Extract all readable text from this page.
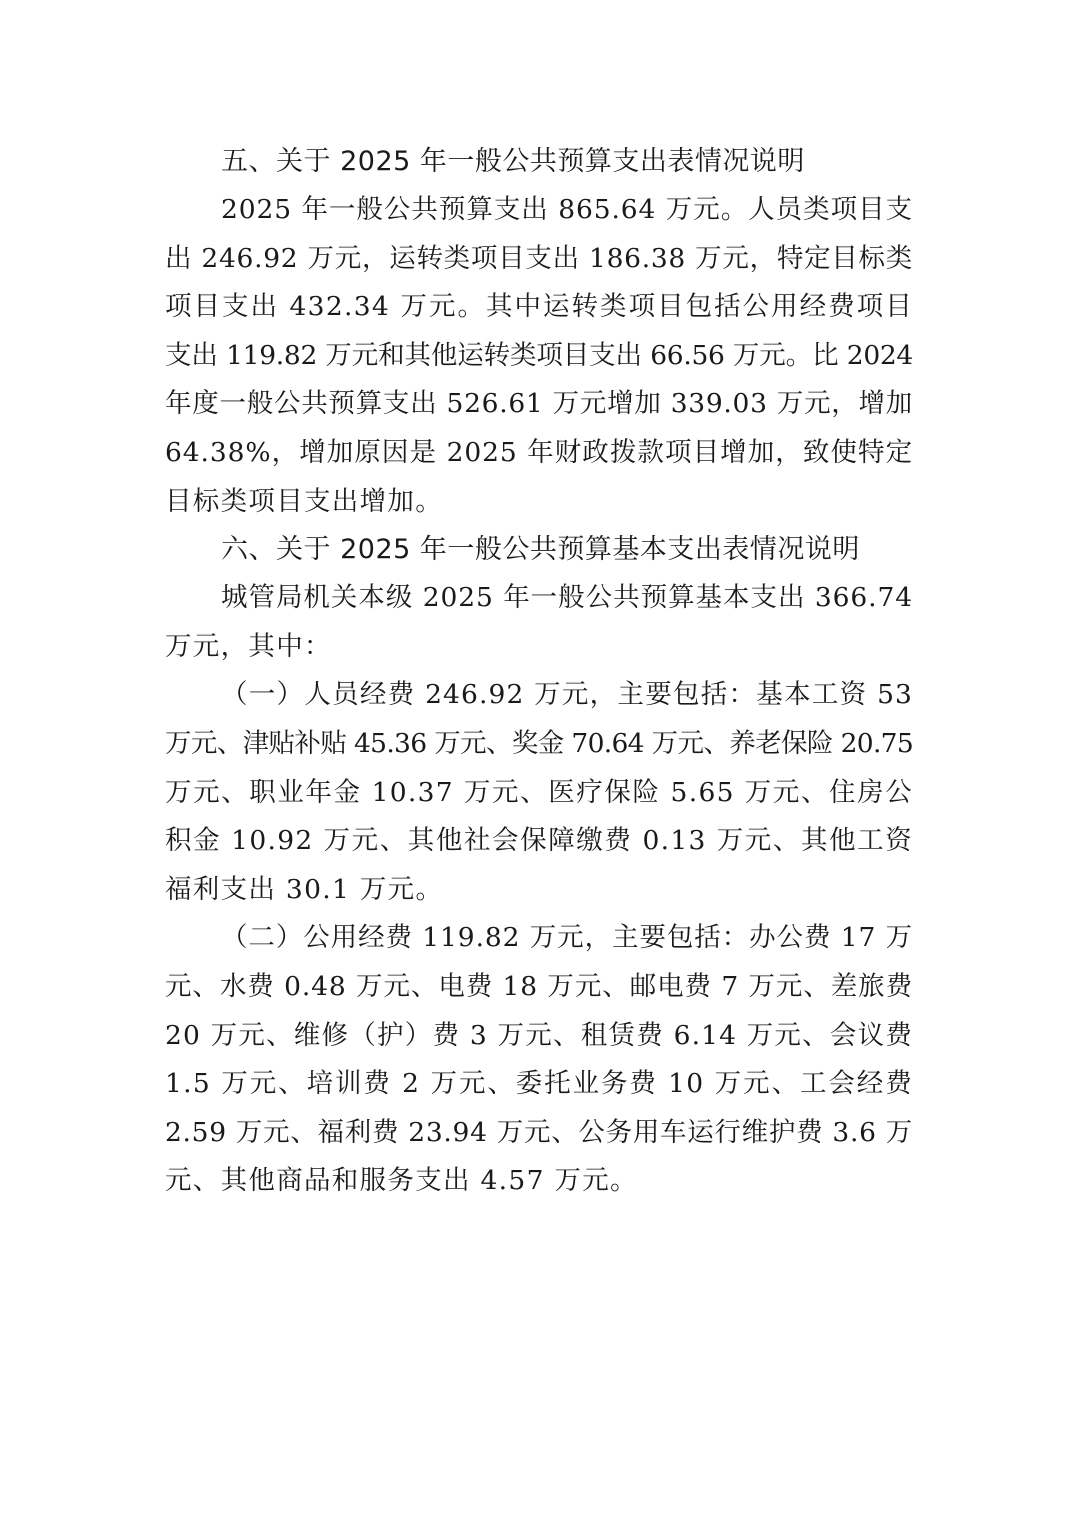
五、关于 2025 年一般公共预算支出表情况说明
2025 年一般公共预算支出 865.64 万元。人员类项目支
出 246.92 万元，运转类项目支出 186.38 万元，特定目标类
项目支出 432.34 万元。其中运转类项目包括公用经费项目
支出 119.82 万元和其他运转类项目支出 66.56 万元。比 2024
年度一般公共预算支出 526.61 万元增加 339.03 万元，增加
64.38%，增加原因是 2025 年财政拨款项目增加，致使特定
目标类项目支出增加。
六、关于 2025 年一般公共预算基本支出表情况说明
城管局机关本级 2025 年一般公共预算基本支出 366.74
万元，其中：
（一）人员经费 246.92 万元，主要包括：基本工资 53
万元、津贴补贴 45.36 万元、奖金 70.64 万元、养老保险 20.75
万元、职业年金 10.37 万元、医疗保险 5.65 万元、住房公
积金 10.92 万元、其他社会保障缴费 0.13 万元、其他工资
福利支出 30.1 万元。
（二）公用经费 119.82 万元，主要包括：办公费 17 万
元、水费 0.48 万元、电费 18 万元、邮电费 7 万元、差旅费
20 万元、维修（护）费 3 万元、租赁费 6.14 万元、会议费
1.5 万元、培训费 2 万元、委托业务费 10 万元、工会经费
2.59 万元、福利费 23.94 万元、公务用车运行维护费 3.6 万
元、其他商品和服务支出 4.57 万元。
